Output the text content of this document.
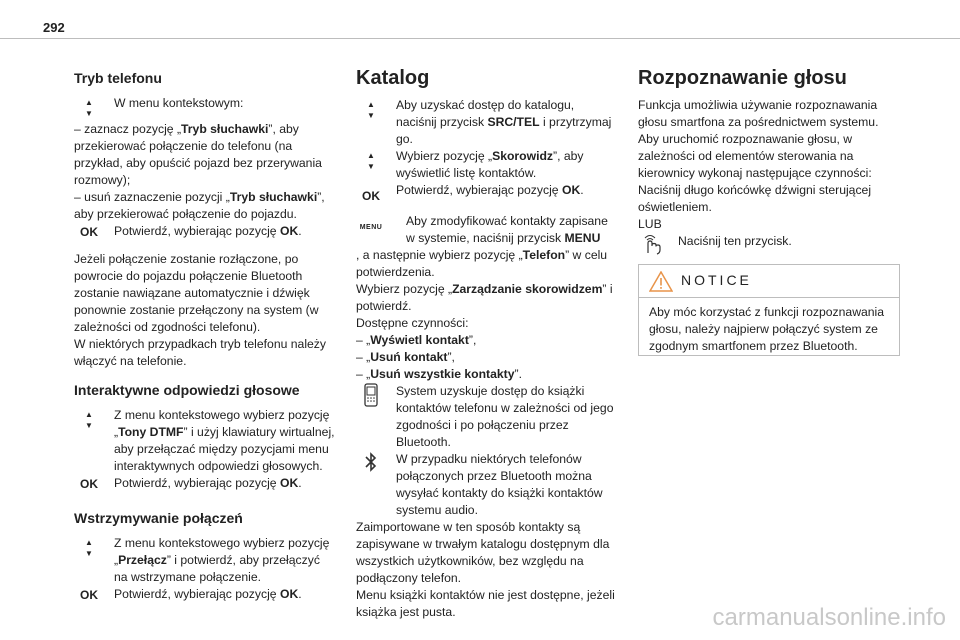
292
Tryb telefonu
▲
▼

W menu kontekstowym:

– zaznacz pozycję „Tryb słuchawki”, aby przekierować połączenie do telefonu (na przykład, aby opuścić pojazd bez przerywania rozmowy);

– usuń zaznaczenie pozycji „Tryb słuchawki”, aby przekierować połączenie do pojazdu.

OK	Potwierdź, wybierając pozycję OK.

Jeżeli połączenie zostanie rozłączone, po powrocie do pojazdu połączenie Bluetooth zostanie nawiązane automatycznie i dźwięk ponownie zostanie przełączony na system (w zależności od zgodności telefonu).

W niektórych przypadkach tryb telefonu należy włączyć na telefonie.

Interaktywne odpowiedzi głosowe
▲
▼

Z menu kontekstowego wybierz pozycję „Tony DTMF” i użyj klawiatury wirtualnej, aby przełączać między pozycjami menu interaktywnych odpowiedzi głosowych.

OK	Potwierdź, wybierając pozycję OK.

Wstrzymywanie połączeń
▲
▼

Z menu kontekstowego wybierz pozycję „Przełącz” i potwierdź, aby przełączyć na wstrzymane połączenie.

OK	Potwierdź, wybierając pozycję OK.

Katalog
▲
▼

Aby uzyskać dostęp do katalogu, naciśnij przycisk SRC/TEL i przytrzymaj go.

▲
▼

Wybierz pozycję „Skorowidz”, aby wyświetlić listę kontaktów.

OK	Potwierdź, wybierając pozycję OK.

MENU	Aby zmodyfikować kontakty zapisane w systemie, naciśnij przycisk MENU

, a następnie wybierz pozycję „Telefon” w celu potwierdzenia.

Wybierz pozycję „Zarządzanie skorowidzem” i potwierdź.

Dostępne czynności:

– „Wyświetl kontakt”,

– „Usuń kontakt”,

– „Usuń wszystkie kontakty”.

System uzyskuje dostęp do książki kontaktów telefonu w zależności od jego zgodności i po połączeniu przez Bluetooth.

W przypadku niektórych telefonów połączonych przez Bluetooth można wysyłać kontakty do książki kontaktów systemu audio.

Zaimportowane w ten sposób kontakty są zapisywane w trwałym katalogu dostępnym dla wszystkich użytkowników, bez względu na podłączony telefon.

Menu książki kontaktów nie jest dostępne, jeżeli książka jest pusta.

Rozpoznawanie głosu

Funkcja umożliwia używanie rozpoznawania głosu smartfona za pośrednictwem systemu.

Aby uruchomić rozpoznawanie głosu, w zależności od elementów sterowania na kierownicy wykonaj następujące czynności:

Naciśnij długo końcówkę dźwigni sterującej oświetleniem.

LUB

Naciśnij ten przycisk.

NOTICE
Aby móc korzystać z funkcji rozpoznawania głosu, należy najpierw połączyć system ze zgodnym smartfonem przez Bluetooth.
carmanualsonline.info
